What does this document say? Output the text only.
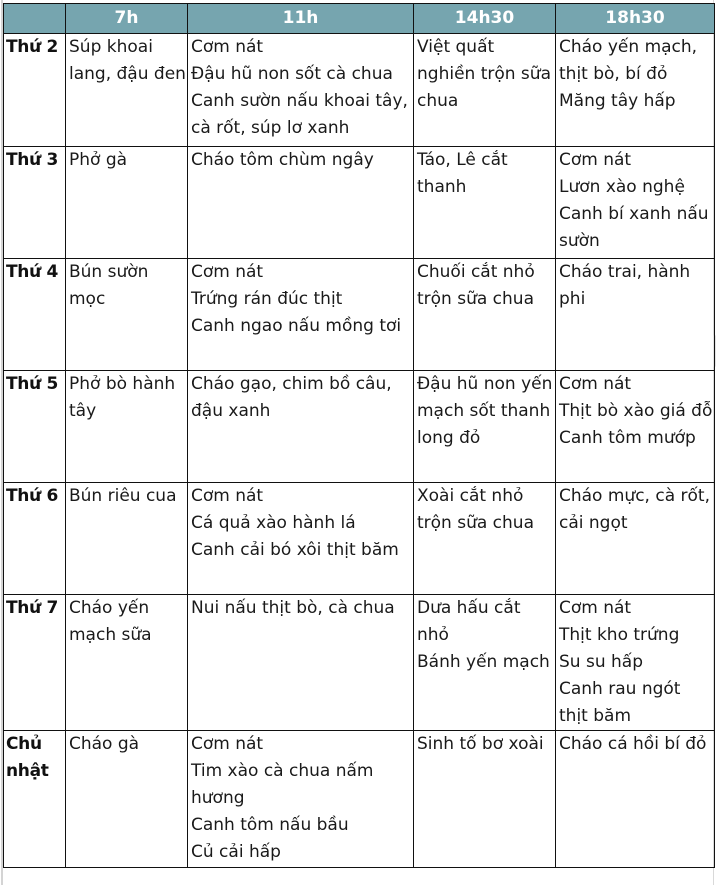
	7h	11h	14h30	18h30
Thứ 2	Súp khoai lang, đậu đen	Cơm nát
Đậu hũ non sốt cà chua
Canh sườn nấu khoai tây, cà rốt, súp lơ xanh	Việt quất nghiền trộn sữa chua	Cháo yến mạch, thịt bò, bí đỏ
Măng tây hấp

Thứ 3	Phở gà	Cháo tôm chùm ngây	Táo, Lê cắt thanh	Cơm nát
Lươn xào nghệ
Canh bí xanh nấu sườn

Thứ 4	Bún sườn mọc	Cơm nát
Trứng rán đúc thịt
Canh ngao nấu mồng tơi	Chuối cắt nhỏ trộn sữa chua	Cháo trai, hành phi

Thứ 5	Phở bò hành tây	Cháo gạo, chim bồ câu, đậu xanh	Đậu hũ non yến mạch sốt thanh long đỏ	Cơm nát
Thịt bò xào giá đỗ
Canh tôm mướp

Thứ 6	Bún riêu cua	Cơm nát
Cá quả xào hành lá
Canh cải bó xôi thịt băm	Xoài cắt nhỏ trộn sữa chua	Cháo mực, cà rốt, cải ngọt

Thứ 7	Cháo yến mạch sữa	Nui nấu thịt bò, cà chua	Dưa hấu cắt nhỏ
Bánh yến mạch	Cơm nát
Thịt kho trứng
Su su hấp
Canh rau ngót thịt băm

Chủ nhật	Cháo gà	Cơm nát
Tim xào cà chua nấm hương
Canh tôm nấu bầu
Củ cải hấp	Sinh tố bơ xoài	Cháo cá hồi bí đỏ
